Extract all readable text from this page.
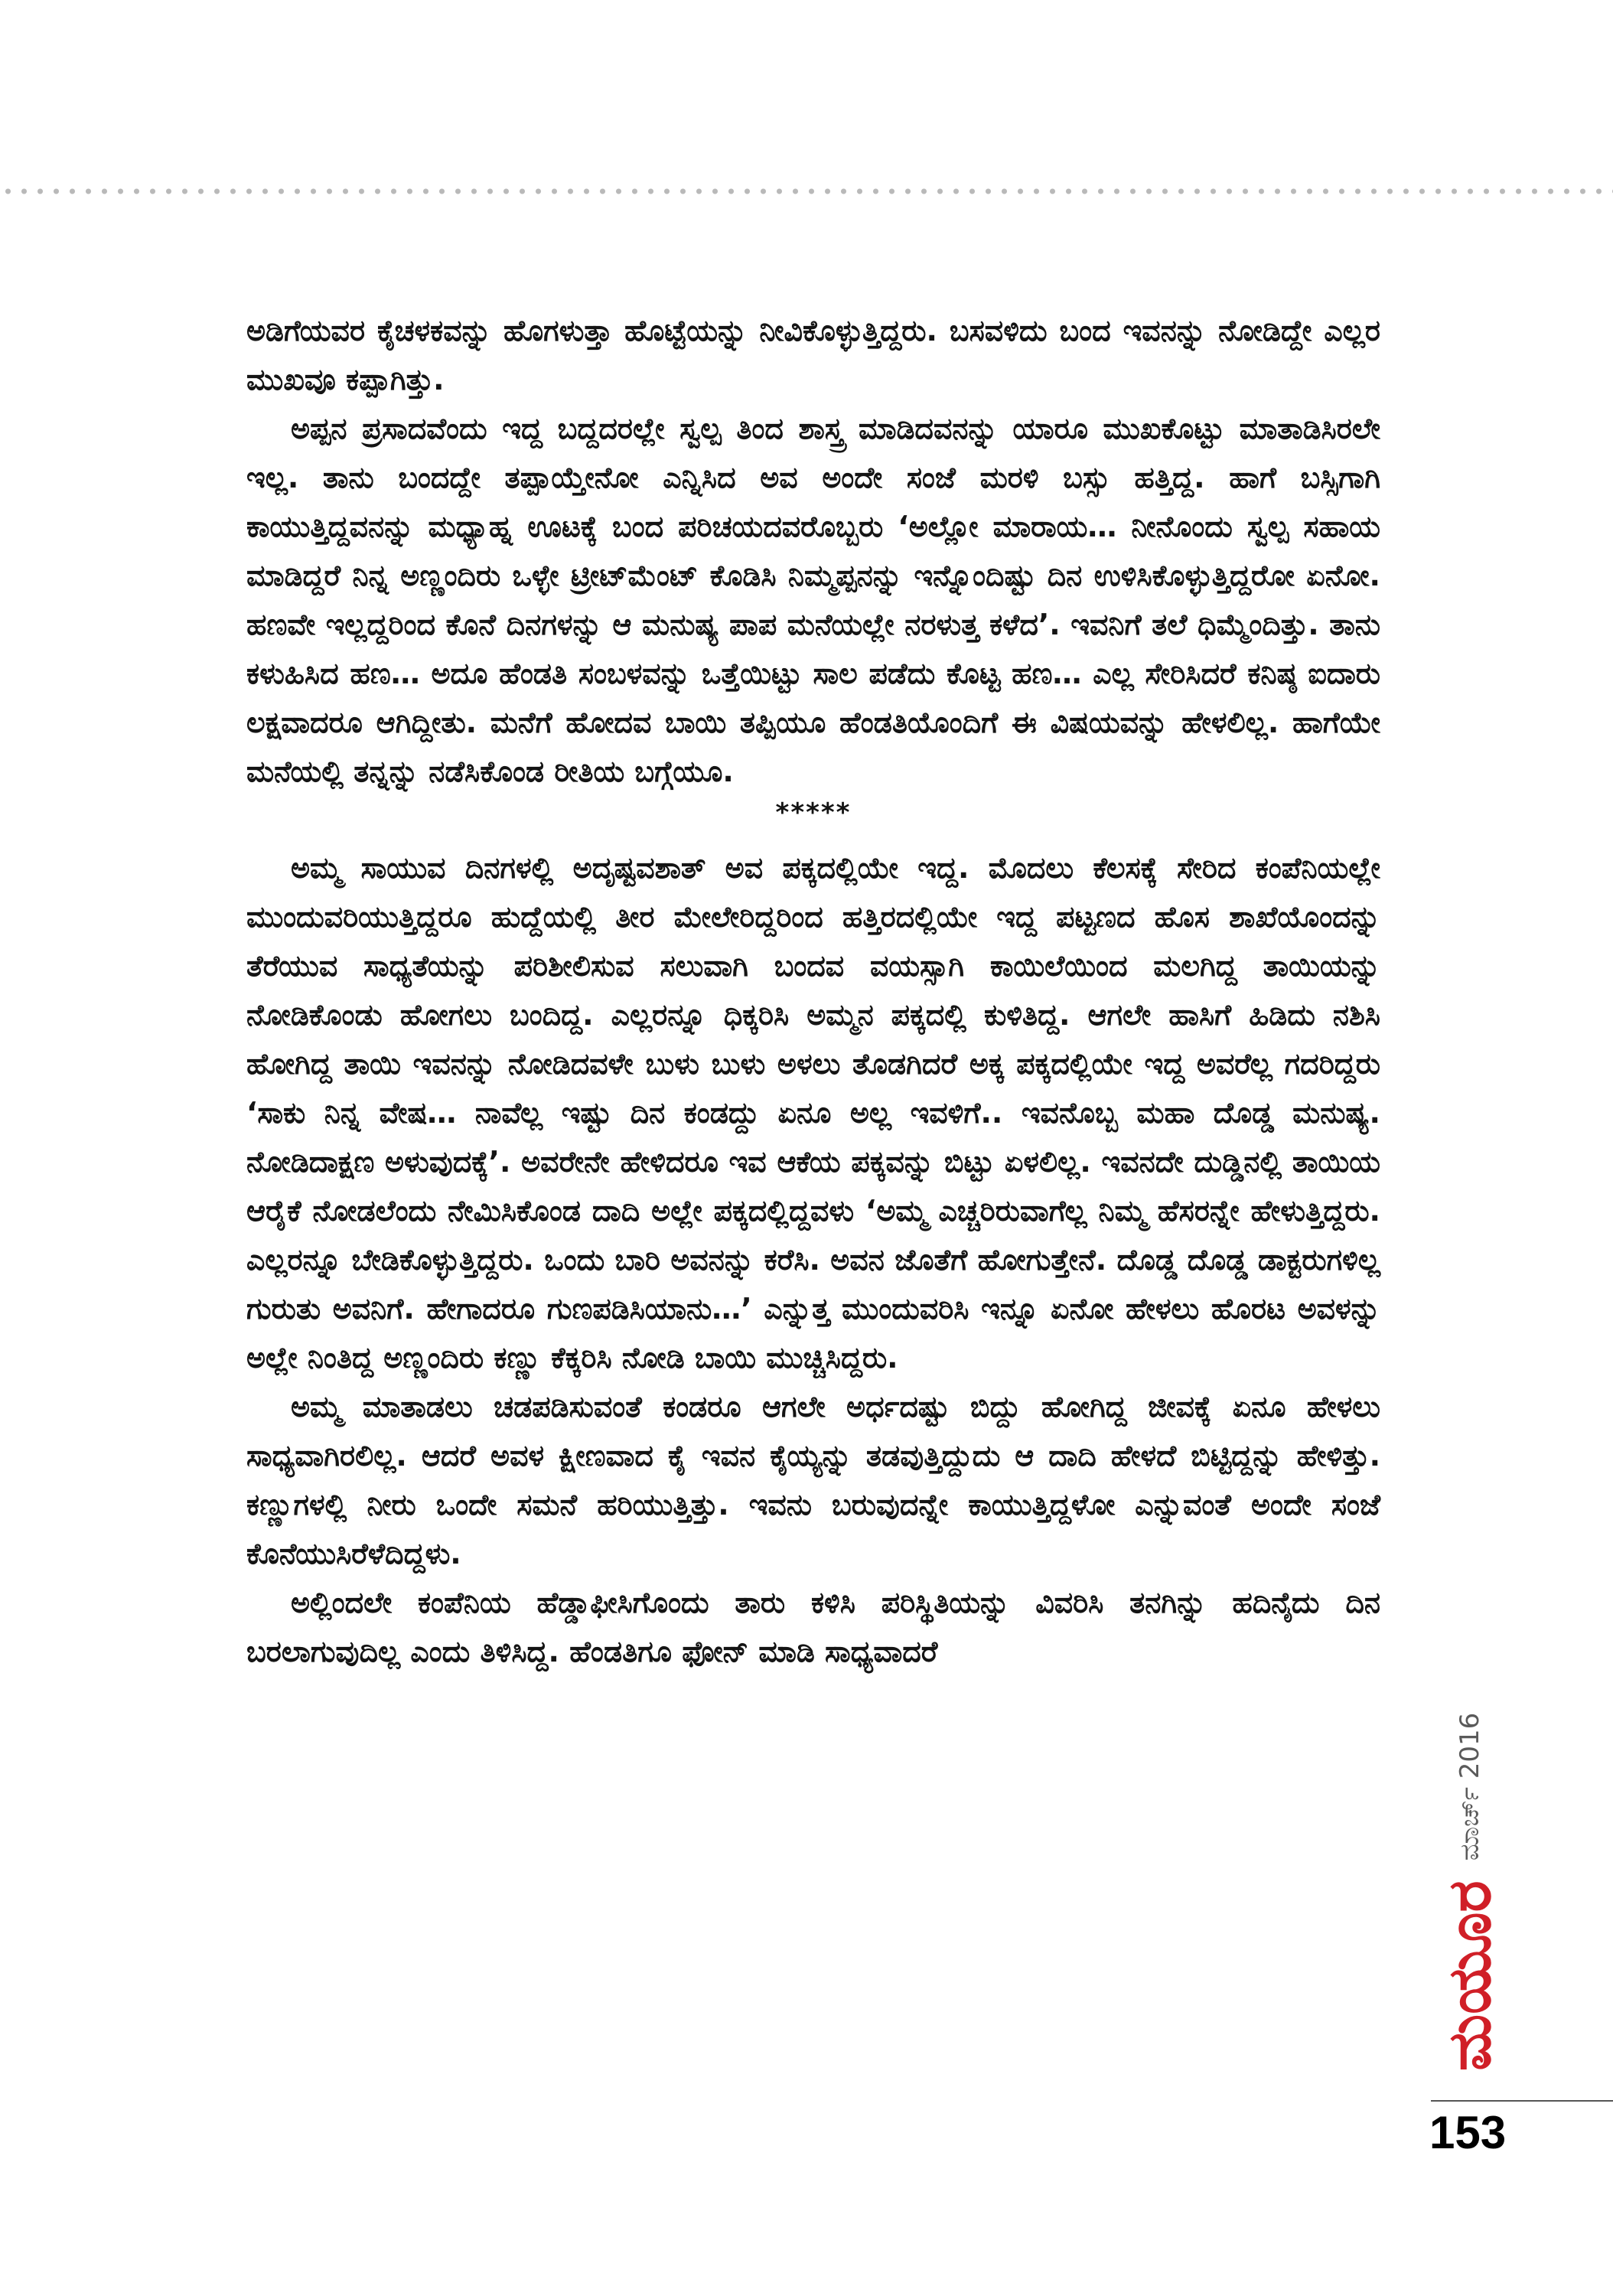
ಅಡಿಗೆಯವರ ಕೈಚಳಕವನ್ನು ಹೊಗಳುತ್ತಾ ಹೊಟ್ಟೆಯನ್ನು ನೀವಿಕೊಳ್ಳುತ್ತಿದ್ದರು. ಬಸವಳಿದು ಬಂದ ಇವನನ್ನು ನೋಡಿದ್ದೇ ಎಲ್ಲರ ಮುಖವೂ ಕಪ್ಪಾಗಿತ್ತು.

ಅಪ್ಪನ ಪ್ರಸಾದವೆಂದು ಇದ್ದ ಬದ್ದದರಲ್ಲೇ ಸ್ವಲ್ಪ ತಿಂದ ಶಾಸ್ತ್ರ ಮಾಡಿದವನನ್ನು ಯಾರೂ ಮುಖಕೊಟ್ಟು ಮಾತಾಡಿಸಿರಲೇ ಇಲ್ಲ. ತಾನು ಬಂದದ್ದೇ ತಪ್ಪಾಯ್ತೇನೋ ಎನ್ನಿಸಿದ ಅವ ಅಂದೇ ಸಂಜೆ ಮರಳಿ ಬಸ್ಸು ಹತ್ತಿದ್ದ. ಹಾಗೆ ಬಸ್ಸಿಗಾಗಿ ಕಾಯುತ್ತಿದ್ದವನನ್ನು ಮಧ್ಯಾಹ್ನ ಊಟಕ್ಕೆ ಬಂದ ಪರಿಚಯದವರೊಬ್ಬರು ‘ಅಲ್ಲೋ ಮಾರಾಯ… ನೀನೊಂದು ಸ್ವಲ್ಪ ಸಹಾಯ ಮಾಡಿದ್ದರೆ ನಿನ್ನ ಅಣ್ಣಂದಿರು ಒಳ್ಳೇ ಟ್ರೀಟ್‌ಮೆಂಟ್ ಕೊಡಿಸಿ ನಿಮ್ಮಪ್ಪನನ್ನು ಇನ್ನೊಂದಿಷ್ಟು ದಿನ ಉಳಿಸಿಕೊಳ್ಳುತ್ತಿದ್ದರೋ ಏನೋ. ಹಣವೇ ಇಲ್ಲದ್ದರಿಂದ ಕೊನೆ ದಿನಗಳನ್ನು ಆ ಮನುಷ್ಯ ಪಾಪ ಮನೆಯಲ್ಲೇ ನರಳುತ್ತ ಕಳೆದ’. ಇವನಿಗೆ ತಲೆ ಧಿಮ್ಮೆಂದಿತ್ತು. ತಾನು ಕಳುಹಿಸಿದ ಹಣ… ಅದೂ ಹೆಂಡತಿ ಸಂಬಳವನ್ನು ಒತ್ತೆಯಿಟ್ಟು ಸಾಲ ಪಡೆದು ಕೊಟ್ಟ ಹಣ… ಎಲ್ಲ ಸೇರಿಸಿದರೆ ಕನಿಷ್ಠ ಐದಾರು ಲಕ್ಷವಾದರೂ ಆಗಿದ್ದೀತು. ಮನೆಗೆ ಹೋದವ ಬಾಯಿ ತಪ್ಪಿಯೂ ಹೆಂಡತಿಯೊಂದಿಗೆ ಈ ವಿಷಯವನ್ನು ಹೇಳಲಿಲ್ಲ. ಹಾಗೆಯೇ ಮನೆಯಲ್ಲಿ ತನ್ನನ್ನು ನಡೆಸಿಕೊಂಡ ರೀತಿಯ ಬಗ್ಗೆಯೂ.

*****

ಅಮ್ಮ ಸಾಯುವ ದಿನಗಳಲ್ಲಿ ಅದೃಷ್ಟವಶಾತ್ ಅವ ಪಕ್ಕದಲ್ಲಿಯೇ ಇದ್ದ. ಮೊದಲು ಕೆಲಸಕ್ಕೆ ಸೇರಿದ ಕಂಪೆನಿಯಲ್ಲೇ ಮುಂದುವರಿಯುತ್ತಿದ್ದರೂ ಹುದ್ದೆಯಲ್ಲಿ ತೀರ ಮೇಲೇರಿದ್ದರಿಂದ ಹತ್ತಿರದಲ್ಲಿಯೇ ಇದ್ದ ಪಟ್ಟಣದ ಹೊಸ ಶಾಖೆಯೊಂದನ್ನು ತೆರೆಯುವ ಸಾಧ್ಯತೆಯನ್ನು ಪರಿಶೀಲಿಸುವ ಸಲುವಾಗಿ ಬಂದವ ವಯಸ್ಸಾಗಿ ಕಾಯಿಲೆಯಿಂದ ಮಲಗಿದ್ದ ತಾಯಿಯನ್ನು ನೋಡಿಕೊಂಡು ಹೋಗಲು ಬಂದಿದ್ದ. ಎಲ್ಲರನ್ನೂ ಧಿಕ್ಕರಿಸಿ ಅಮ್ಮನ ಪಕ್ಕದಲ್ಲಿ ಕುಳಿತಿದ್ದ. ಆಗಲೇ ಹಾಸಿಗೆ ಹಿಡಿದು ನಶಿಸಿ ಹೋಗಿದ್ದ ತಾಯಿ ಇವನನ್ನು ನೋಡಿದವಳೇ ಬುಳು ಬುಳು ಅಳಲು ತೊಡಗಿದರೆ ಅಕ್ಕ ಪಕ್ಕದಲ್ಲಿಯೇ ಇದ್ದ ಅವರೆಲ್ಲ ಗದರಿದ್ದರು ‘ಸಾಕು ನಿನ್ನ ವೇಷ… ನಾವೆಲ್ಲ ಇಷ್ಟು ದಿನ ಕಂಡದ್ದು ಏನೂ ಅಲ್ಲ ಇವಳಿಗೆ.. ಇವನೊಬ್ಬ ಮಹಾ ದೊಡ್ಡ ಮನುಷ್ಯ. ನೋಡಿದಾಕ್ಷಣ ಅಳುವುದಕ್ಕೆ’. ಅವರೇನೇ ಹೇಳಿದರೂ ಇವ ಆಕೆಯ ಪಕ್ಕವನ್ನು ಬಿಟ್ಟು ಏಳಲಿಲ್ಲ. ಇವನದೇ ದುಡ್ಡಿನಲ್ಲಿ ತಾಯಿಯ ಆರೈಕೆ ನೋಡಲೆಂದು ನೇಮಿಸಿಕೊಂಡ ದಾದಿ ಅಲ್ಲೇ ಪಕ್ಕದಲ್ಲಿದ್ದವಳು ‘ಅಮ್ಮ ಎಚ್ಚರಿರುವಾಗೆಲ್ಲ ನಿಮ್ಮ ಹೆಸರನ್ನೇ ಹೇಳುತ್ತಿದ್ದರು. ಎಲ್ಲರನ್ನೂ ಬೇಡಿಕೊಳ್ಳುತ್ತಿದ್ದರು. ಒಂದು ಬಾರಿ ಅವನನ್ನು ಕರೆಸಿ. ಅವನ ಜೊತೆಗೆ ಹೋಗುತ್ತೇನೆ. ದೊಡ್ಡ ದೊಡ್ಡ ಡಾಕ್ಟರುಗಳಿಲ್ಲ ಗುರುತು ಅವನಿಗೆ. ಹೇಗಾದರೂ ಗುಣಪಡಿಸಿಯಾನು…’ ಎನ್ನುತ್ತ ಮುಂದುವರಿಸಿ ಇನ್ನೂ ಏನೋ ಹೇಳಲು ಹೊರಟ ಅವಳನ್ನು ಅಲ್ಲೇ ನಿಂತಿದ್ದ ಅಣ್ಣಂದಿರು ಕಣ್ಣು ಕೆಕ್ಕರಿಸಿ ನೋಡಿ ಬಾಯಿ ಮುಚ್ಚಿಸಿದ್ದರು.

ಅಮ್ಮ ಮಾತಾಡಲು ಚಡಪಡಿಸುವಂತೆ ಕಂಡರೂ ಆಗಲೇ ಅರ್ಧದಷ್ಟು ಬಿದ್ದು ಹೋಗಿದ್ದ ಜೀವಕ್ಕೆ ಏನೂ ಹೇಳಲು ಸಾಧ್ಯವಾಗಿರಲಿಲ್ಲ. ಆದರೆ ಅವಳ ಕ್ಷೀಣವಾದ ಕೈ ಇವನ ಕೈಯ್ಯನ್ನು ತಡವುತ್ತಿದ್ದುದು ಆ ದಾದಿ ಹೇಳದೆ ಬಿಟ್ಟಿದ್ದನ್ನು ಹೇಳಿತ್ತು. ಕಣ್ಣುಗಳಲ್ಲಿ ನೀರು ಒಂದೇ ಸಮನೆ ಹರಿಯುತ್ತಿತ್ತು. ಇವನು ಬರುವುದನ್ನೇ ಕಾಯುತ್ತಿದ್ದಳೋ ಎನ್ನುವಂತೆ ಅಂದೇ ಸಂಜೆ ಕೊನೆಯುಸಿರೆಳೆದಿದ್ದಳು.

ಅಲ್ಲಿಂದಲೇ ಕಂಪೆನಿಯ ಹೆಡ್ಡಾಫೀಸಿಗೊಂದು ತಾರು ಕಳಿಸಿ ಪರಿಸ್ಥಿತಿಯನ್ನು ವಿವರಿಸಿ ತನಗಿನ್ನು ಹದಿನೈದು ದಿನ ಬರಲಾಗುವುದಿಲ್ಲ ಎಂದು ತಿಳಿಸಿದ್ದ. ಹೆಂಡತಿಗೂ ಫೋನ್ ಮಾಡಿ ಸಾಧ್ಯವಾದರೆ

ಮಯೂರ
ಮಾರ್ಚ್ 2016
153
